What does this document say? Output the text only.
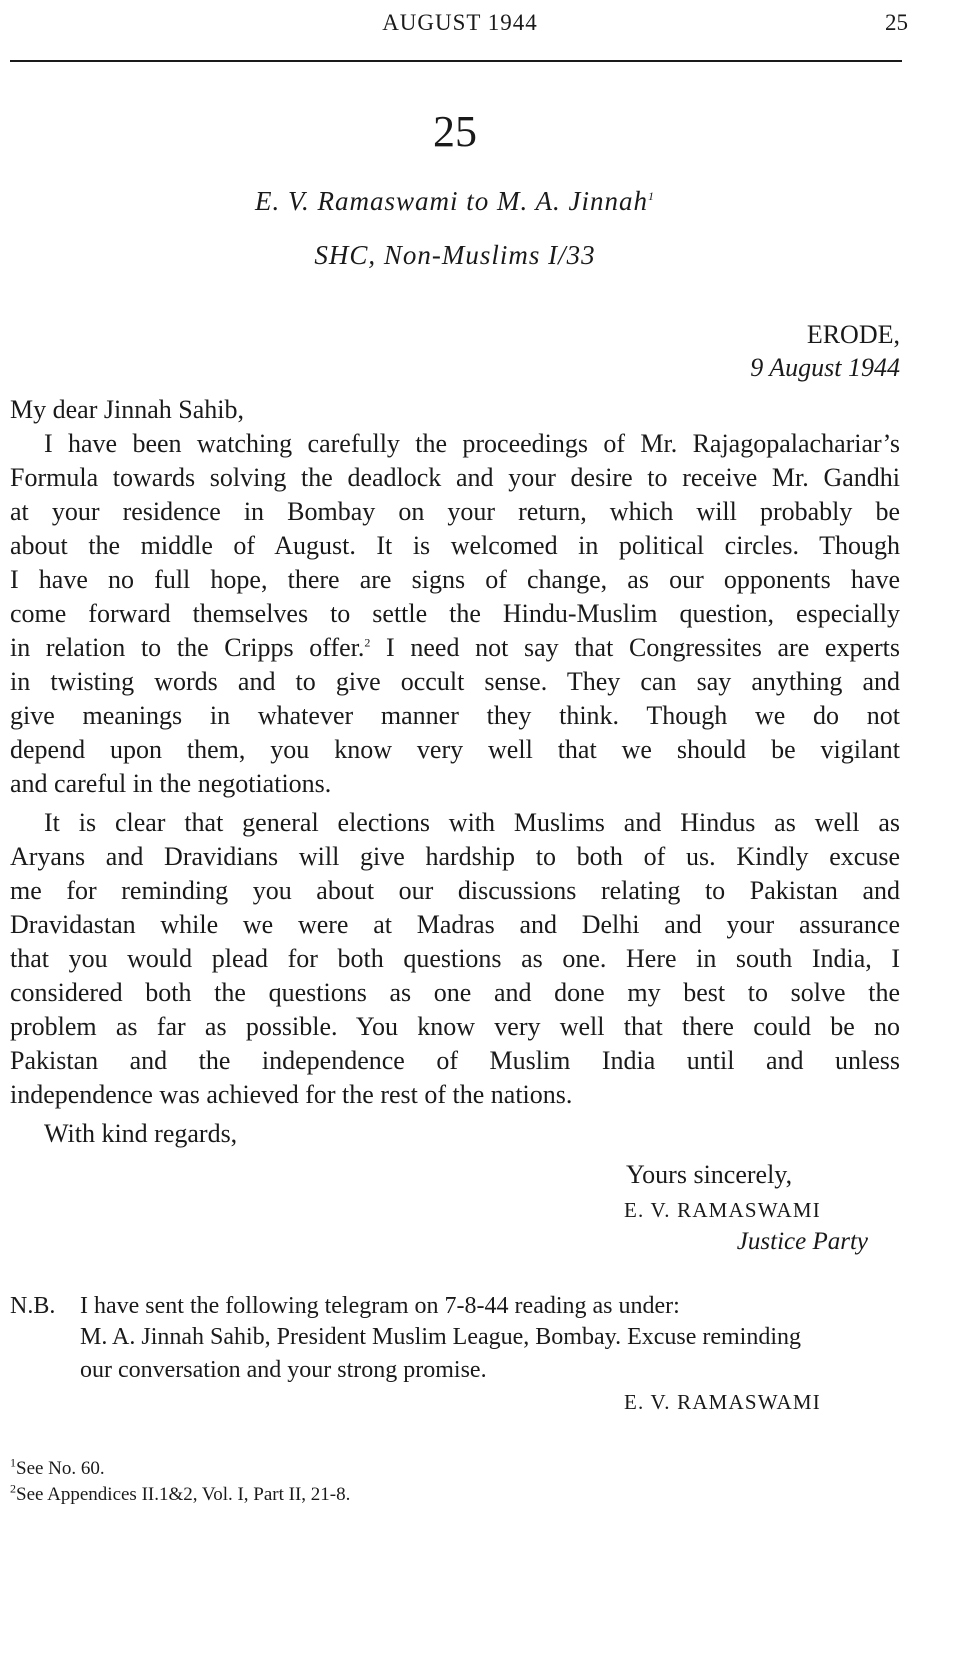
AUGUST 1944	25
25
E. V. Ramaswami to M. A. Jinnah$^1$
SHC, Non-Muslims I/33
ERODE,
9 August 1944
My dear Jinnah Sahib,
I have been watching carefully the proceedings of Mr. Rajagopalachariar’s
Formula towards solving the deadlock and your desire to receive Mr. Gandhi
at your residence in Bombay on your return, which will probably be
about the middle of August. It is welcomed in political circles. Though
I have no full hope, there are signs of change, as our opponents have
come forward themselves to settle the Hindu-Muslim question, especially
in relation to the Cripps offer.$^2$ I need not say that Congressites are experts
in twisting words and to give occult sense. They can say anything and
give meanings in whatever manner they think. Though we do not
depend upon them, you know very well that we should be vigilant
and careful in the negotiations.
It is clear that general elections with Muslims and Hindus as well as
Aryans and Dravidians will give hardship to both of us. Kindly excuse
me for reminding you about our discussions relating to Pakistan and
Dravidastan while we were at Madras and Delhi and your assurance
that you would plead for both questions as one. Here in south India, I
considered both the questions as one and done my best to solve the
problem as far as possible. You know very well that there could be no
Pakistan and the independence of Muslim India until and unless
independence was achieved for the rest of the nations.
With kind regards,
Yours sincerely,
E. V. RAMASWAMI
Justice Party
N.B. I have sent the following telegram on 7-8-44 reading as under:
M. A. Jinnah Sahib, President Muslim League, Bombay. Excuse reminding
our conversation and your strong promise.
E. V. RAMASWAMI
$^1$See No. 60.
$^2$See Appendices II.1&2, Vol. I, Part II, 21-8.
